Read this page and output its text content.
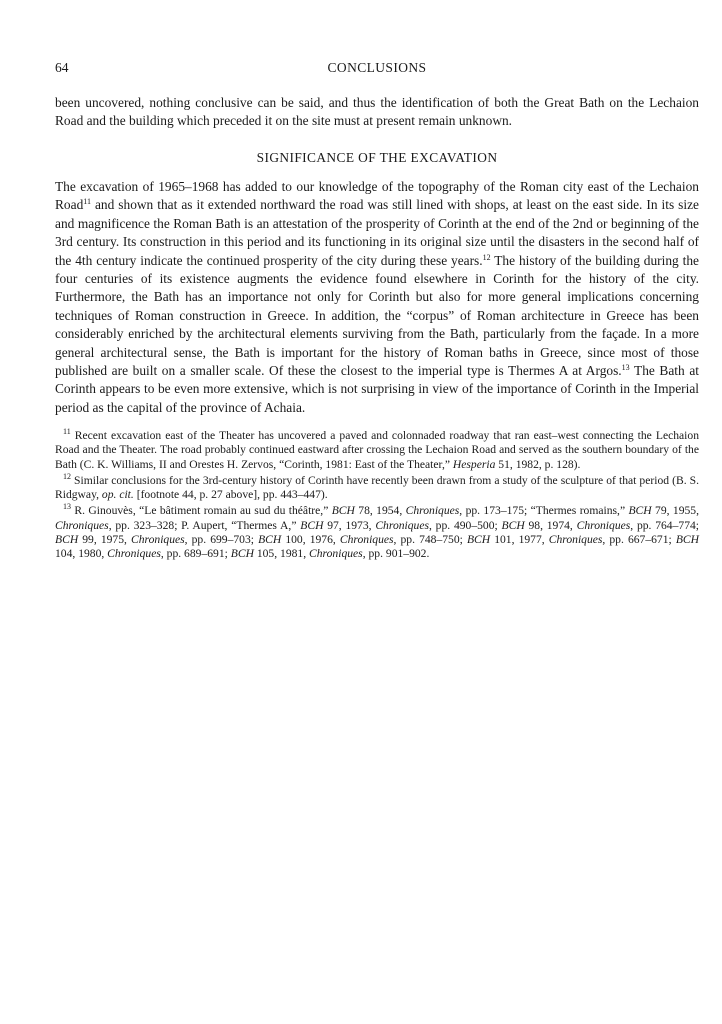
64	CONCLUSIONS

been uncovered, nothing conclusive can be said, and thus the identification of both the Great Bath on the Lechaion Road and the building which preceded it on the site must at present remain unknown.

SIGNIFICANCE OF THE EXCAVATION

The excavation of 1965–1968 has added to our knowledge of the topography of the Roman city east of the Lechaion Road$^{11}$ and shown that as it extended northward the road was still lined with shops, at least on the east side. In its size and magnificence the Roman Bath is an attestation of the prosperity of Corinth at the end of the 2nd or beginning of the 3rd century. Its construction in this period and its functioning in its original size until the disasters in the second half of the 4th century indicate the continued prosperity of the city during these years.$^{12}$ The history of the building during the four centuries of its existence augments the evidence found elsewhere in Corinth for the history of the city. Furthermore, the Bath has an importance not only for Corinth but also for more general implications concerning techniques of Roman construction in Greece. In addition, the “corpus” of Roman architecture in Greece has been considerably enriched by the architectural elements surviving from the Bath, particularly from the façade. In a more general architectural sense, the Bath is important for the history of Roman baths in Greece, since most of those published are built on a smaller scale. Of these the closest to the imperial type is Thermes A at Argos.$^{13}$ The Bath at Corinth appears to be even more extensive, which is not surprising in view of the importance of Corinth in the Imperial period as the capital of the province of Achaia.

$^{11}$ Recent excavation east of the Theater has uncovered a paved and colonnaded roadway that ran east–west connecting the Lechaion Road and the Theater. The road probably continued eastward after crossing the Lechaion Road and served as the southern boundary of the Bath (C. K. Williams, II and Orestes H. Zervos, “Corinth, 1981: East of the Theater,” Hesperia 51, 1982, p. 128).

$^{12}$ Similar conclusions for the 3rd-century history of Corinth have recently been drawn from a study of the sculpture of that period (B. S. Ridgway, op. cit. [footnote 44, p. 27 above], pp. 443–447).

$^{13}$ R. Ginouvès, “Le bâtiment romain au sud du théâtre,” BCH 78, 1954, Chroniques, pp. 173–175; “Thermes romains,” BCH 79, 1955, Chroniques, pp. 323–328; P. Aupert, “Thermes A,” BCH 97, 1973, Chroniques, pp. 490–500; BCH 98, 1974, Chroniques, pp. 764–774; BCH 99, 1975, Chroniques, pp. 699–703; BCH 100, 1976, Chroniques, pp. 748–750; BCH 101, 1977, Chroniques, pp. 667–671; BCH 104, 1980, Chroniques, pp. 689–691; BCH 105, 1981, Chroniques, pp. 901–902.
